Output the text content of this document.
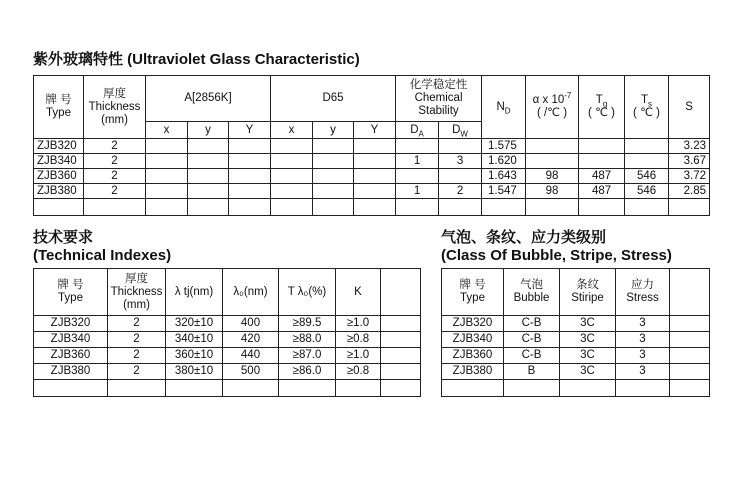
紫外玻璃特性 (Ultraviolet Glass Characteristic)
牌 号
Type	厚度
Thickness
(mm)	A[2856K]			D65			化学稳定性
Chemical
Stability		$N_D$	α x $10^{-7}$
( /℃ )	$T_g$
( ℃ )	$T_s$
( ℃ )	S
		x	y	Y	x	y	Y	$D_A$	$D_W$
ZJB320	2									1.575				3.23
ZJB340	2							1	3	1.620				3.67
ZJB360	2									1.643	98	487	546	3.72
ZJB380	2							1	2	1.547	98	487	546	2.85

技术要求
(Technical Indexes)
牌 号
Type	厚度
Thickness
(mm)	λ tj(nm)	λ₀(nm)	T λ₀(%)	K	
ZJB320	2	320±10	400	≥89.5	≥1.0	
ZJB340	2	340±10	420	≥88.0	≥0.8	
ZJB360	2	360±10	440	≥87.0	≥1.0	
ZJB380	2	380±10	500	≥86.0	≥0.8	

气泡、条纹、应力类级别
(Class Of Bubble, Stripe, Stress)
牌 号
Type	气泡
Bubble	条纹
Stiripe	应力
Stress	

ZJB320	C-B	3C	3	
ZJB340	C-B	3C	3	
ZJB360	C-B	3C	3	
ZJB380	B	3C	3	
